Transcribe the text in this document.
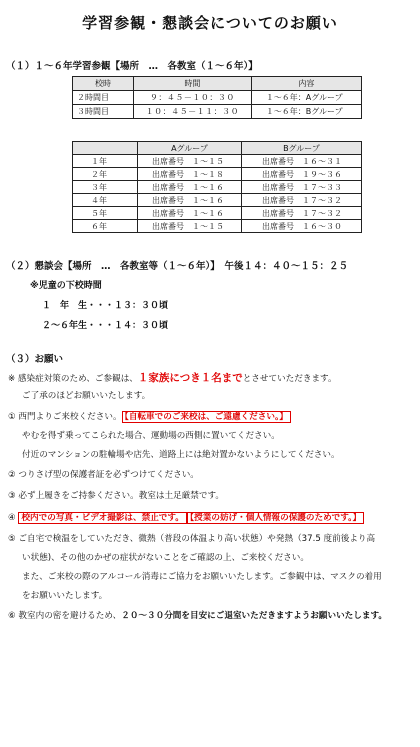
学習参観・懇談会についてのお願い
（１）１～６年学習参観【場所　…　各教室（１～６年）】
校時	時間	内容
２時間目	９：４５－１０：３０	１～６年：Aグループ
３時間目	１０：４５－１１：３０	１～６年：Bグループ
	Aグループ	Bグループ
１年	出席番号　１～１５	出席番号　１６～３１
２年	出席番号　１～１８	出席番号　１９～３６
３年	出席番号　１～１６	出席番号　１７～３３
４年	出席番号　１～１６	出席番号　１７～３２
５年	出席番号　１～１６	出席番号　１７～３２
６年	出席番号　１～１５	出席番号　１６～３０
（２）懇談会【場所　…　各教室等（１～６年）】　午後１４：４０～１５：２５
※児童の下校時間
１　年　生・・・１３：３０頃
２～６年生・・・１４：３０頃
（３）お願い
※ 感染症対策のため、ご参観は、１家族につき１名までとさせていただきます。
ご了承のほどお願いいたします。
① 西門よりご来校ください。 【自転車でのご来校は、ご遠慮ください。】
やむを得ず乗ってこられた場合、運動場の西側に置いてください。
付近のマンションの駐輪場や店先、道路上には絶対置かないようにしてください。
② つりさげ型の保護者証を必ずつけてください。
③ 必ず上履きをご持参ください。教室は土足厳禁です。
④ 校内での写真・ビデオ撮影は、禁止です。 【授業の妨げ・個人情報の保護のためです。】
⑤ ご自宅で検温をしていただき、微熱（普段の体温より高い状態）や発熱（37.5 度前後より高
い状態)、その他のかぜの症状がないことをご確認の上、ご来校ください。
また、ご来校の際のアルコール消毒にご協力をお願いいたします。ご参観中は、マスクの着用
をお願いいたします。
⑥ 教室内の密を避けるため、２０～３０分間を目安にご退室いただきますようお願いいたします。
